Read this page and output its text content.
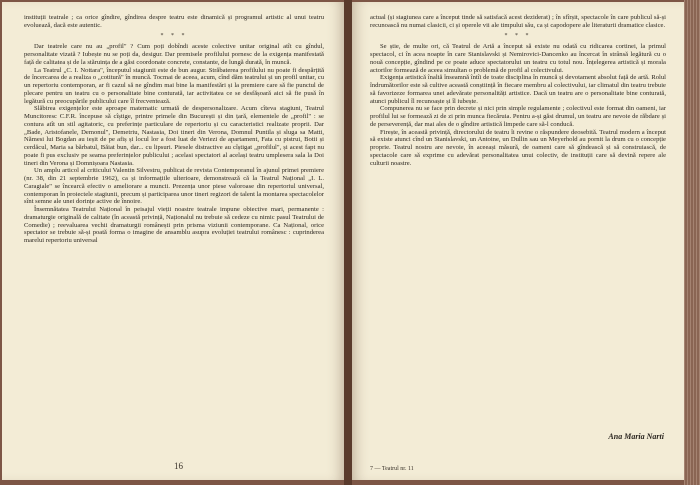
instituții teatrale ; ca orice gîndire, gîndirea despre teatru este dinamică și programul artistic al unui teatru evoluează, dacă este autentic.

* * *

Dar teatrele care nu au „profil" ? Cum poți dobîndi aceste colective unitar original atît cu gîndul, personalitate vizată ? Iubește nu se poți da, desigur. Dar premisele profilului pornesc de la exigența manifestată față de calitatea și de la stăruința de a găsi coordonate concrete, constante, de lungă durată, în muncă.

La Teatrul „C. I. Nottara", începutul stagiunii este de bun augur. Străbaterea profilului nu poate fi despărțită de încercarea de a realiza o „cotitură" în muncă. Tocmai de aceea, acum, cînd dăm teatrului și un profil unitar, cu un repertoriu contemporan, ar fi cazul să ne gîndim mai bine la manifestări și la premiere care să fie punctul de plecare pentru un teatru cu o personalitate bine conturată, iar activitatea ce se desfășoară aici să fie pusă în legătură cu preocupările publicului care îl frecventează.

Slăbirea exigențelor este aproape matematic urmată de despersonalizare. Acum cîteva stagiuni, Teatrul Muncitoresc C.F.R. începuse să cîștige, printre primele din București și din țară, elementele de „profil" : se contura atît un stil agitatoric, cu preferințe particulare de repertoriu și cu caracteristici realizate proprii. Dar „Bade, Aristofanele, Demonul", Demetriu, Nastasia, Doi tineri din Verona, Domnul Puntila și sluga sa Matti, Nămesi lui Bogdan au ieșit de pe afiș și locul lor a fost luat de Veriezi de apartament, Fata cu pistrui, Botii și cerdăcul, Maria sa bărbatul, Băiat bun, dar... cu lipsuri. Piesele distractive au cîștigat „profilul", și acest fapt nu poate fi pus exclusiv pe seama preferințelor publicului ; acelasi spectatori al același teatru umplesera sala la Doi tineri din Verona și Domnișoara Nastasia.

Un amplu articol al criticului Valentin Silvestru, publicat de revista Contemporanul în ajunul primei premiere (nr. 38, din 21 septembrie 1962), ca și informațiile ulterioare, demonstrează că la Teatrul Național „I. L. Caragiale" se încearcă efectiv o ameliorare a muncii. Prezența unor piese valoroase din repertoriul universal, contemporan în proiectele stagiunii, precum și participarea unor tineri regizori de talent la montarea spectacolelor sînt semne ale unei dorințe active de înnoire.

Însemnătatea Teatrului Național în peisajul vieții noastre teatrale impune obiective mari, permanente : dramaturgie originală de calitate (în această privință, Naționalul nu trebuie să cedeze cu nimic pasul Teatrului de Comedie) ; reevaluarea vechii dramaturgii românești prin prisma viziunii contemporane. Ca Național, orice spectator se trebuie să-și poată forma o imagine de ansamblu asupra evoluției teatrului românesc : cuprinderea marelui repertoriu universal

16

actual (și stagiunea care a început tinde să satisfacă acest deziderat) ; în sfîrșit, spectacole în care publicul să-și recunoască nu numai clasicii, ci și operele vii ale timpului său, ca și capodopere ale literaturii dramatice clasice.

* * *

Se știe, de multe ori, că Teatrul de Artă a început să existe nu odată cu ridicarea cortinei, la primul spectacol, ci în acea noapte în care Stanislavski și Nemirovici-Dancenko au încercat în strânsă legătură cu o nouă concepție, gîndind pe ce poate aduce spectatorului un teatru cu totul nou. Înțelegerea artistică și morala actorilor formează de aceea simultan o problemă de profil al colectivului.

Exigența artistică înaltă înseamnă întîi de toate disciplina în muncă și devotament absolut față de artă. Rolul îndrumătorilor este să cultive această conștiință în fiecare membru al colectivului, iar climatul din teatru trebuie să favorizeze formarea unei adevărate personalități artistice. Dacă un teatru are o personalitate bine conturată, atunci publicul îl recunoaște și îl iubește.

Compunerea nu se face prin decrete și nici prin simple regulamente ; colectivul este format din oameni, iar profilul lui se formează zi de zi prin munca fiecăruia. Pentru a-și găsi drumul, un teatru are nevoie de răbdare și de perseverență, dar mai ales de o gîndire artistică limpede care să-l conducă.

Firește, în această privință, directorului de teatru îi revine o răspundere deosebită. Teatrul modern a început să existe atunci cînd un Stanislavski, un Antoine, un Dullin sau un Meyerhold au pornit la drum cu o concepție proprie. Teatrul nostru are nevoie, în aceeași măsură, de oameni care să gîndească și să construiască, de spectacole care să exprime cu adevărat personalitatea unui colectiv, de instituții care să devină repere ale culturii noastre.

Ana Maria Narti
7 — Teatrul nr. 11
